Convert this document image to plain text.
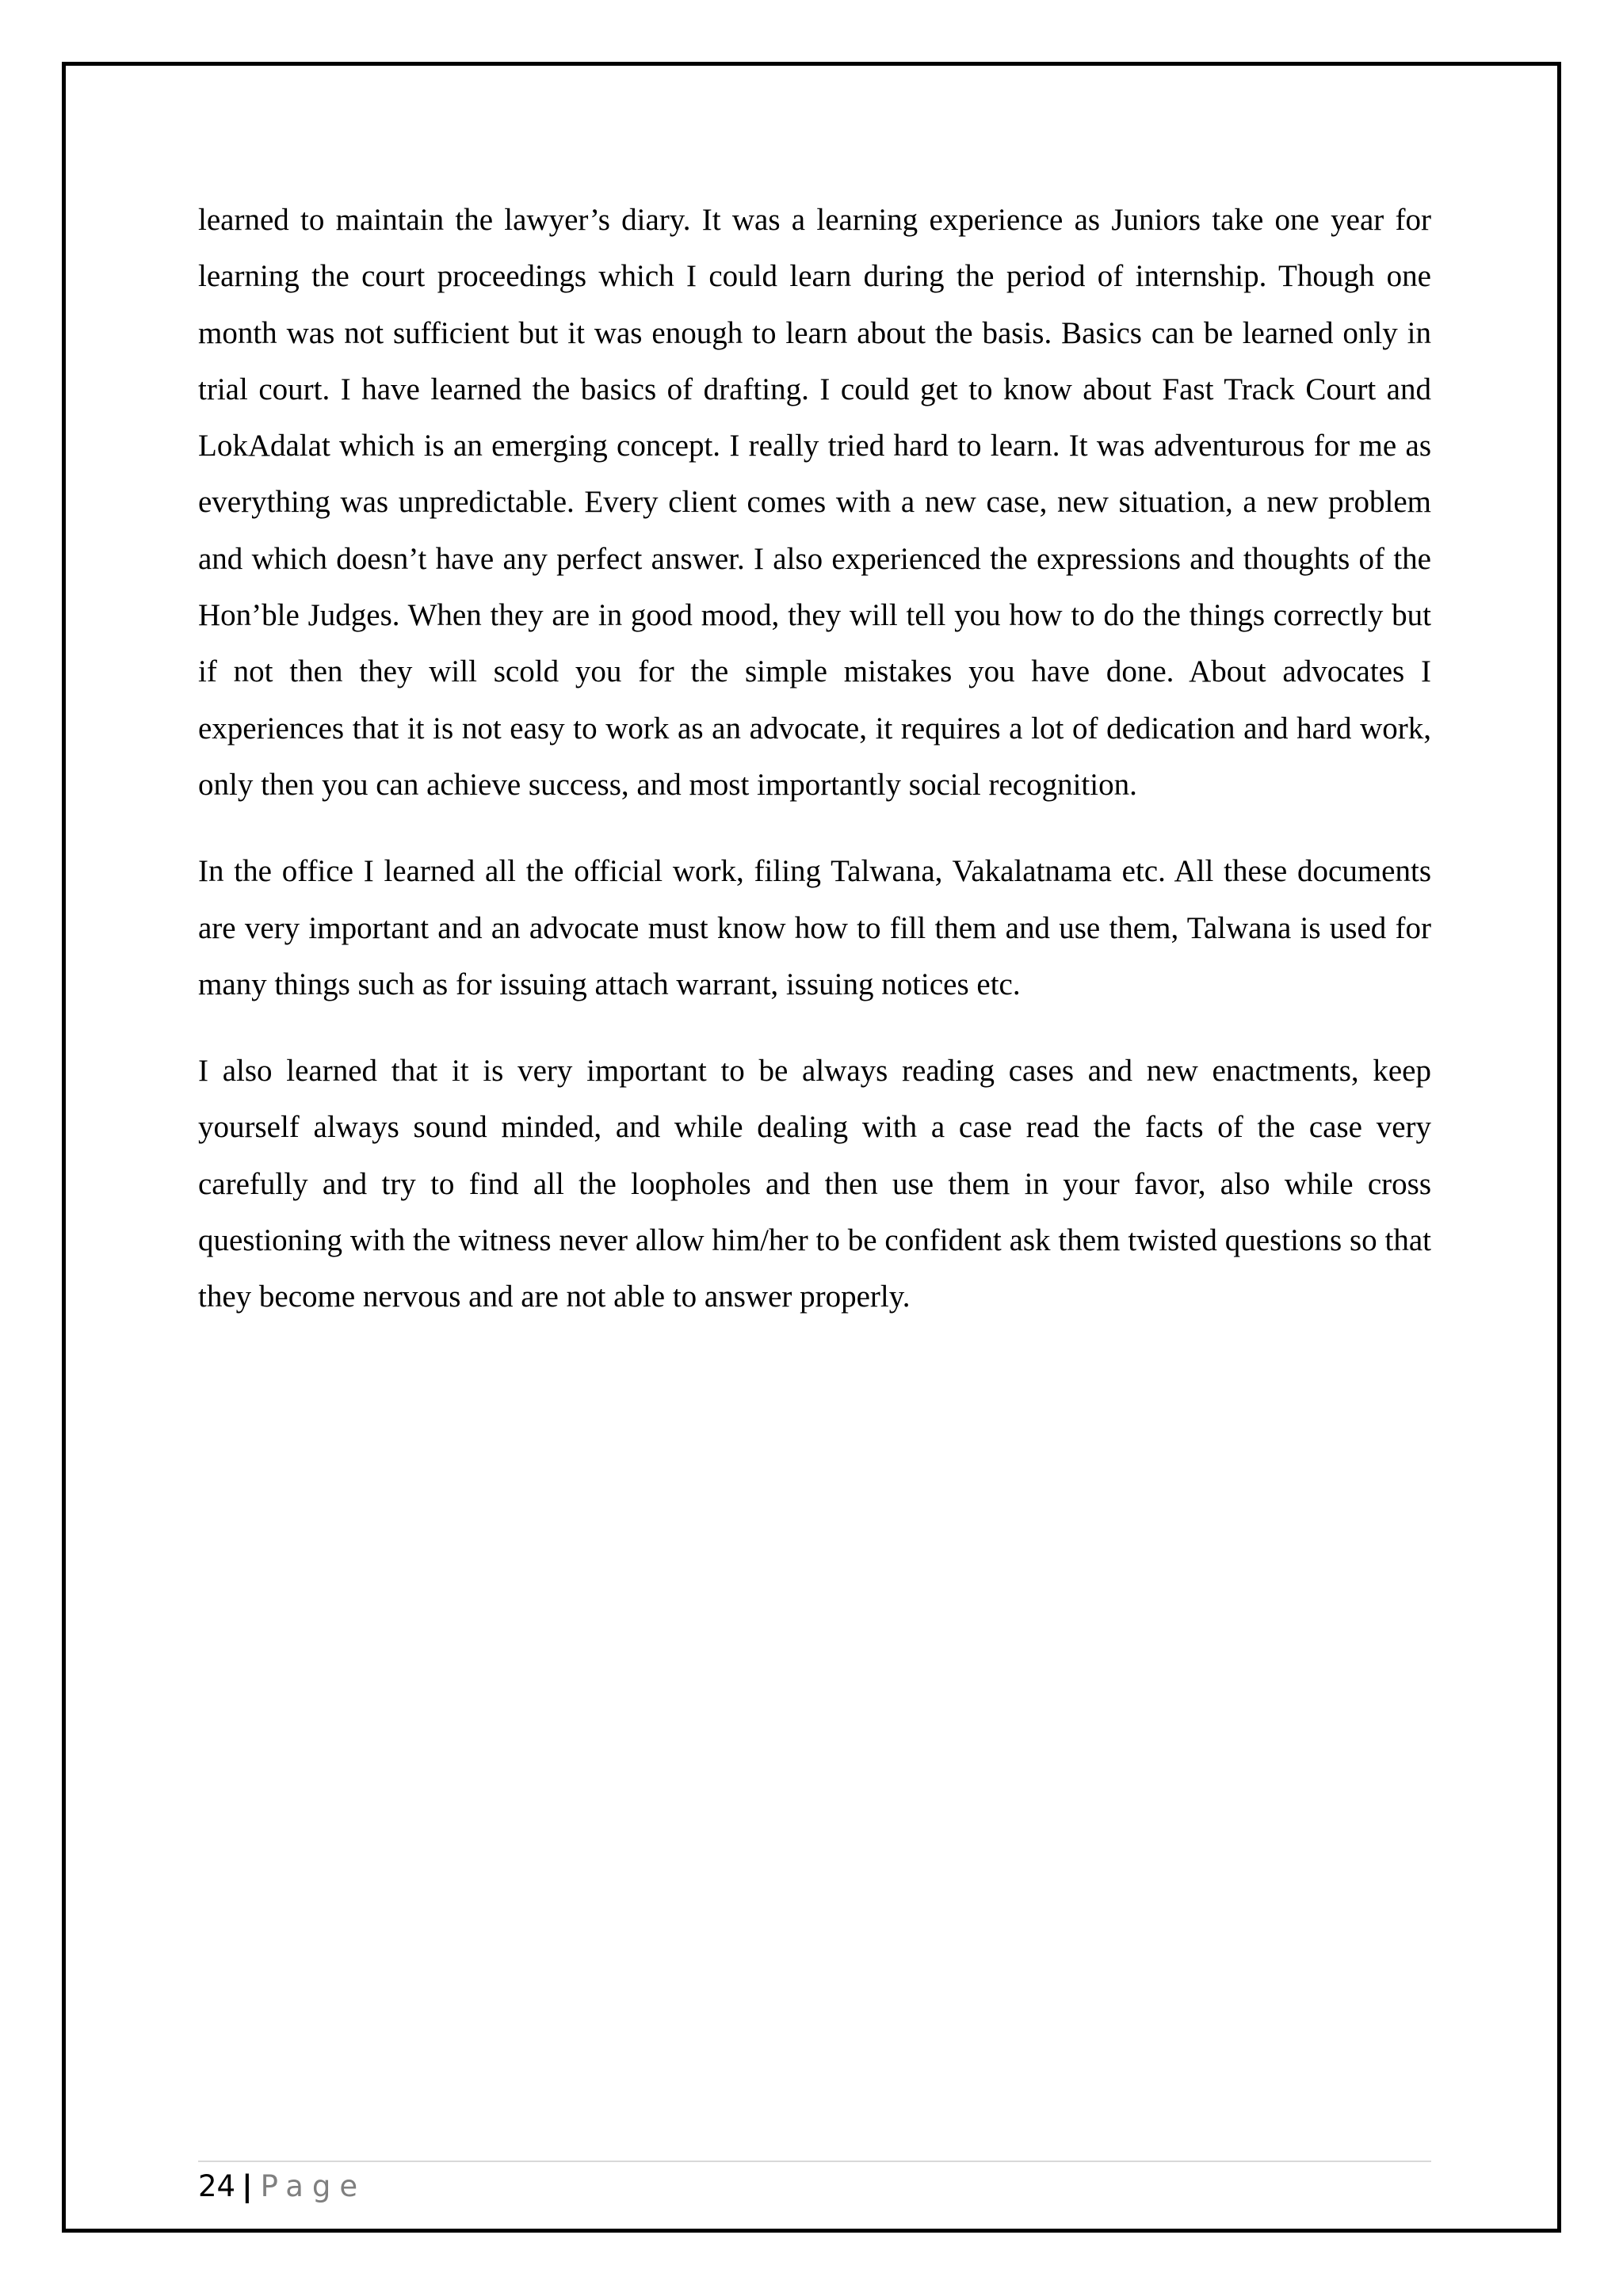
learned to maintain the lawyer’s diary. It was a learning experience as Juniors take one year for learning the court proceedings which I could learn during the period of internship. Though one month was not sufficient but it was enough to learn about the basis. Basics can be learned only in trial court. I have learned the basics of drafting. I could get to know about Fast Track Court and LokAdalat which is an emerging concept. I really tried hard to learn. It was adventurous for me as everything was unpredictable. Every client comes with a new case, new situation, a new problem and which doesn’t have any perfect answer. I also experienced the expressions and thoughts of the Hon’ble Judges. When they are in good mood, they will tell you how to do the things correctly but if not then they will scold you for the simple mistakes you have done. About advocates I experiences that it is not easy to work as an advocate, it requires a lot of dedication and hard work, only then you can achieve success, and most importantly social recognition.

In the office I learned all the official work, filing Talwana, Vakalatnama etc. All these documents are very important and an advocate must know how to fill them and use them, Talwana is used for many things such as for issuing attach warrant, issuing notices etc.

I also learned that it is very important to be always reading cases and new enactments, keep yourself always sound minded, and while dealing with a case read the facts of the case very carefully and try to find all the loopholes and then use them in your favor, also while cross questioning with the witness never allow him/her to be confident ask them twisted questions so that they become nervous and are not able to answer properly.

24 | Page
